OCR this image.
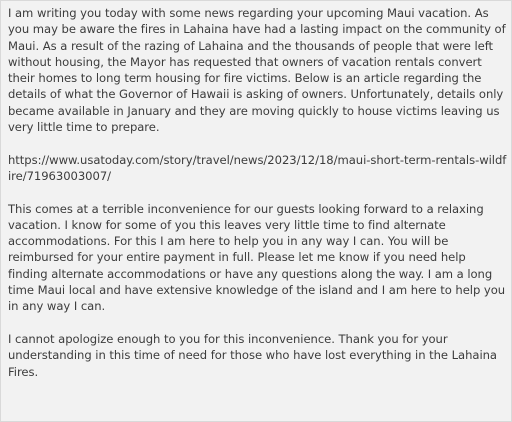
I am writing you today with some news regarding your upcoming Maui vacation. As you may be aware the fires in Lahaina have had a lasting impact on the community of Maui. As a result of the razing of Lahaina and the thousands of people that were left without housing, the Mayor has requested that owners of vacation rentals convert their homes to long term housing for fire victims. Below is an article regarding the details of what the Governor of Hawaii is asking of owners. Unfortunately, details only became available in January and they are moving quickly to house victims leaving us very little time to prepare.

https://www.usatoday.com/story/travel/news/2023/12/18/maui-short-term-rentals-wildfire/71963003007/

This comes at a terrible inconvenience for our guests looking forward to a relaxing vacation. I know for some of you this leaves very little time to find alternate accommodations. For this I am here to help you in any way I can. You will be reimbursed for your entire payment in full. Please let me know if you need help finding alternate accommodations or have any questions along the way. I am a long time Maui local and have extensive knowledge of the island and I am here to help you in any way I can.

I cannot apologize enough to you for this inconvenience. Thank you for your understanding in this time of need for those who have lost everything in the Lahaina Fires.
